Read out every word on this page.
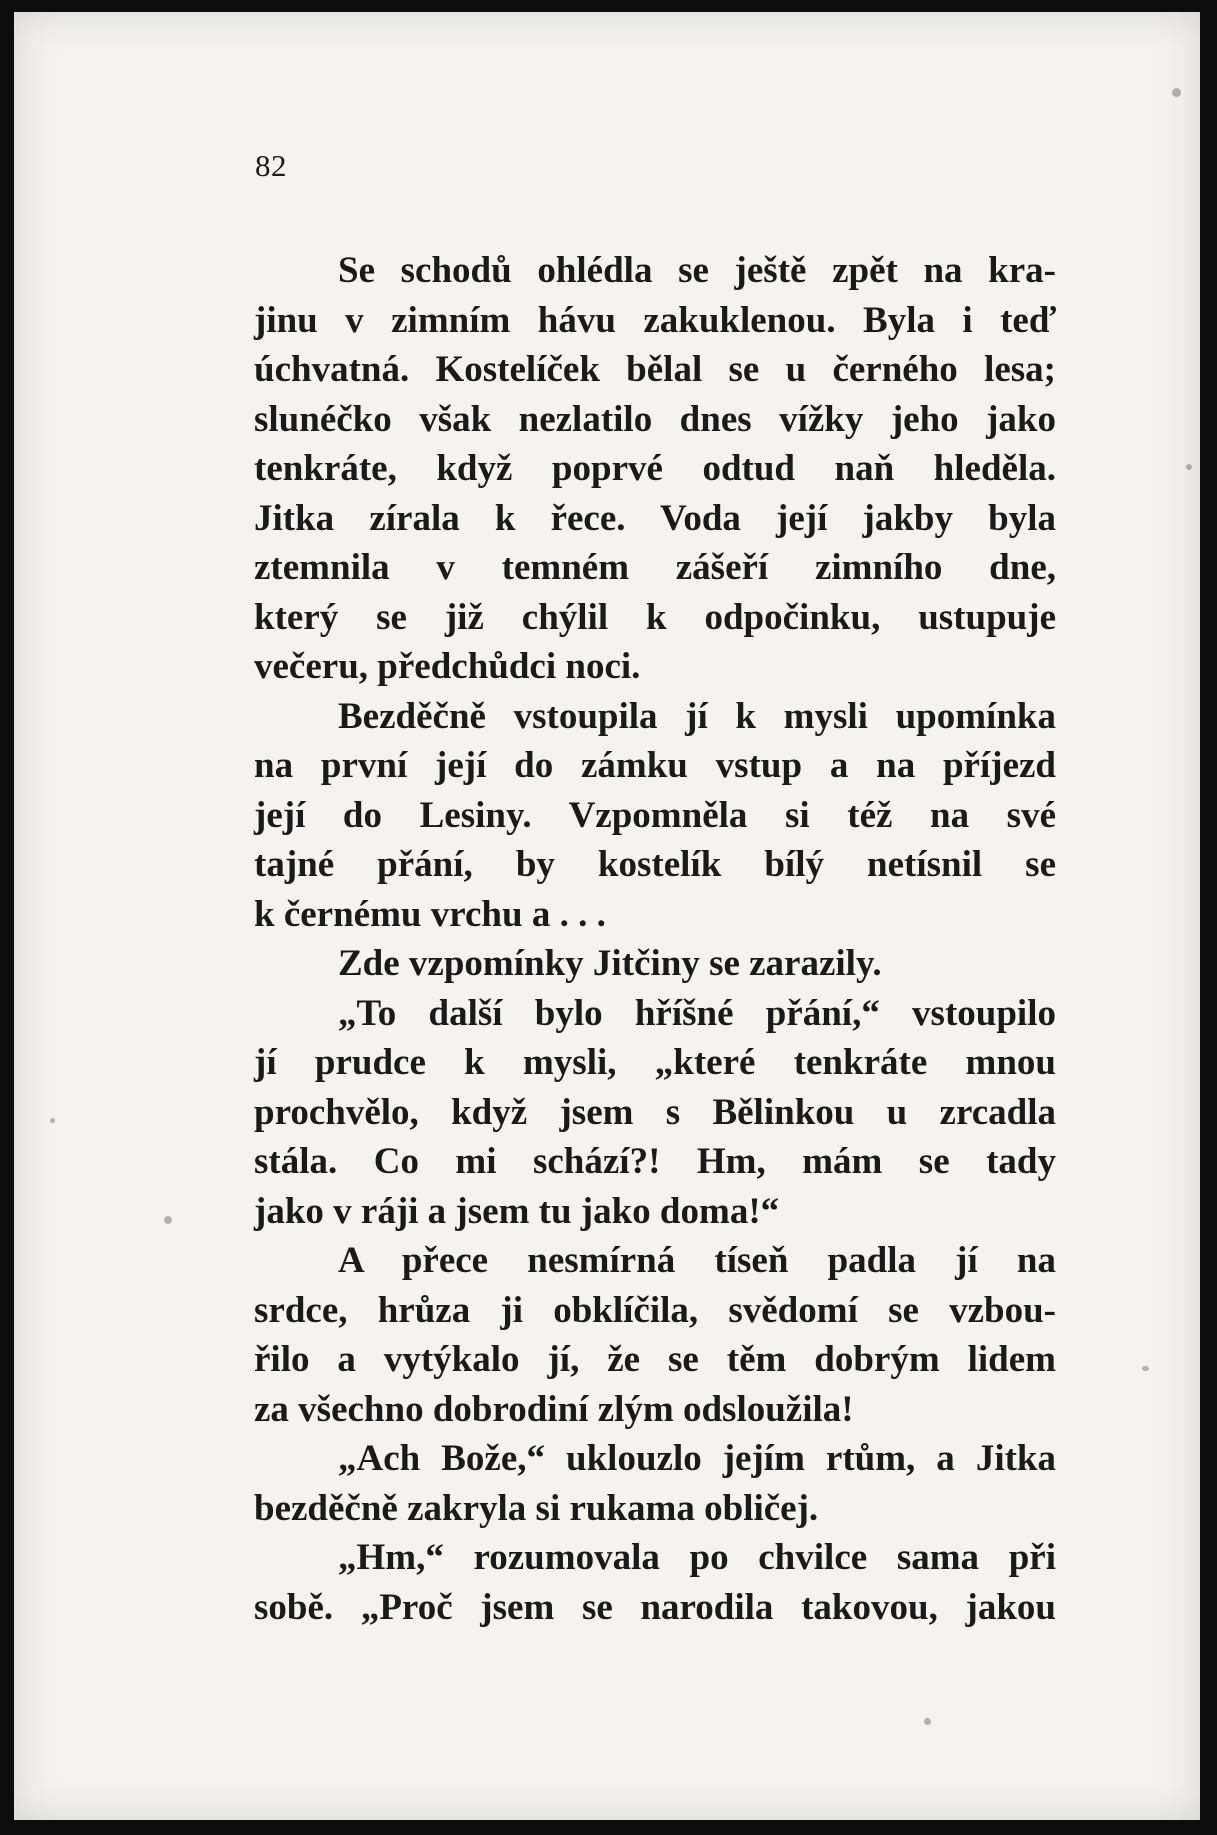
82
Se schodů ohlédla se ještě zpět na kra-
jinu v zimním hávu zakuklenou. Byla i teď
úchvatná. Kostelíček bělal se u černého lesa;
slunéčko však nezlatilo dnes vížky jeho jako
tenkráte, když poprvé odtud naň hleděla.
Jitka zírala k řece. Voda její jakby byla
ztemnila v temném zášeří zimního dne,
který se již chýlil k odpočinku, ustupuje
večeru, předchůdci noci.
Bezděčně vstoupila jí k mysli upomínka
na první její do zámku vstup a na příjezd
její do Lesiny. Vzpomněla si též na své
tajné přání, by kostelík bílý netísnil se
k černému vrchu a . . .
Zde vzpomínky Jitčiny se zarazily.
„To další bylo hříšné přání,“ vstoupilo
jí prudce k mysli, „které tenkráte mnou
prochvělo, když jsem s Bělinkou u zrcadla
stála. Co mi schází?! Hm, mám se tady
jako v ráji a jsem tu jako doma!“
A přece nesmírná tíseň padla jí na
srdce, hrůza ji obklíčila, svědomí se vzbou-
řilo a vytýkalo jí, že se těm dobrým lidem
za všechno dobrodiní zlým odsloužila!
„Ach Bože,“ uklouzlo jejím rtům, a Jitka
bezděčně zakryla si rukama obličej.
„Hm,“ rozumovala po chvilce sama při
sobě. „Proč jsem se narodila takovou, jakou
